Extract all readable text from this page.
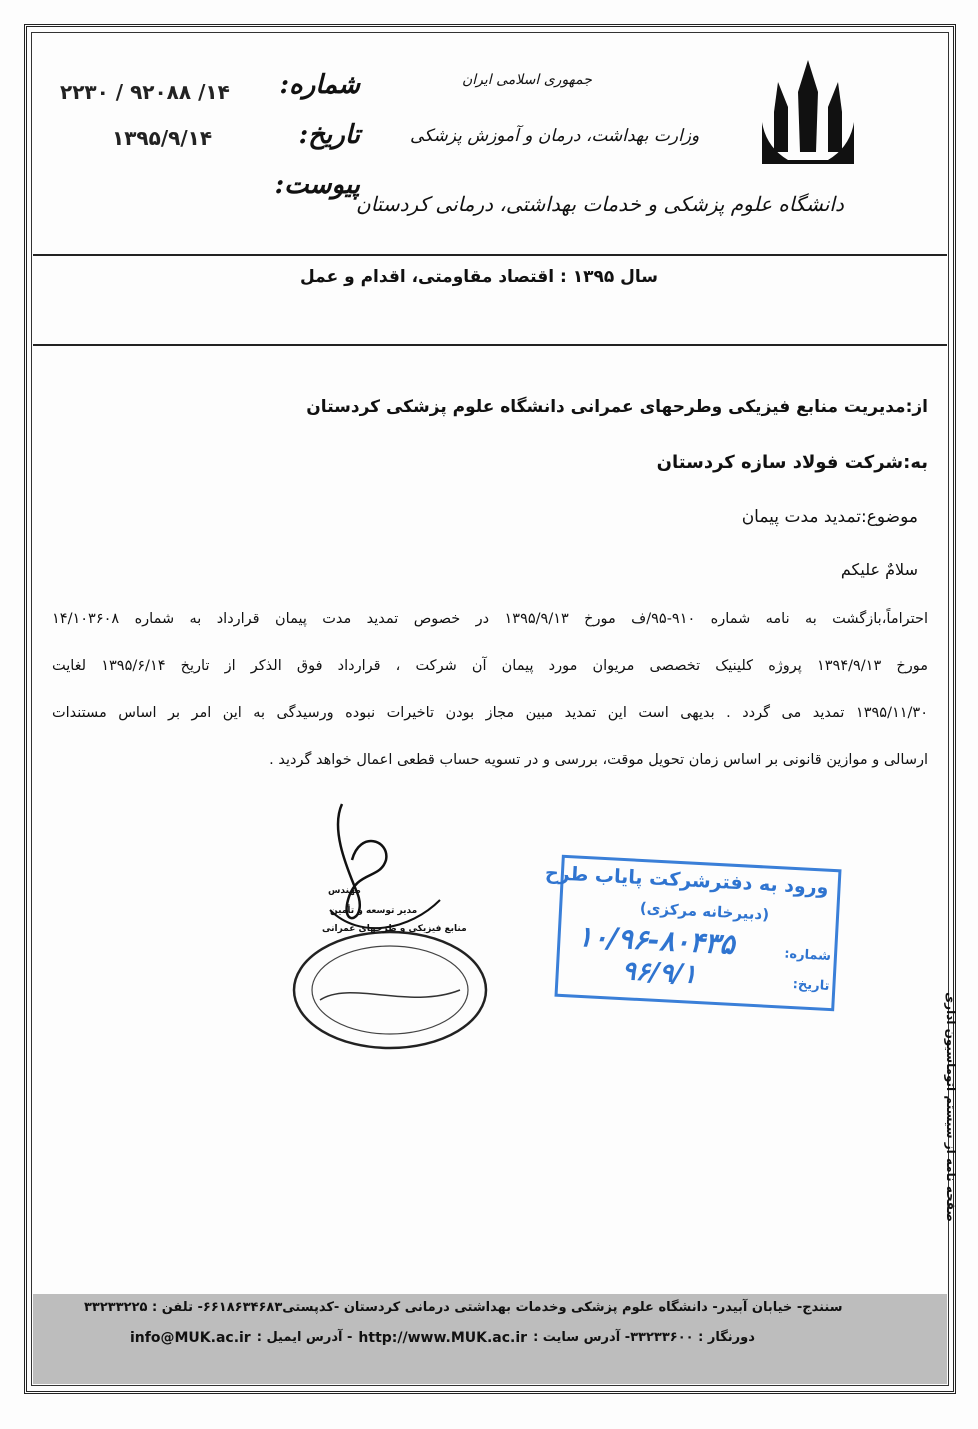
شماره:
تاریخ:
پیوست:
۱۴/ ۹۲۰۸۸ / ۲۲۳۰
۱۳۹۵/۹/۱۴
جمهوری اسلامی ایران
وزارت بهداشت، درمان و آموزش پزشکی
دانشگاه علوم پزشکی و خدمات بهداشتی، درمانی کردستان
سال ۱۳۹۵ : اقتصاد مقاومتی، اقدام و عمل
از:مدیریت منابع فیزیکی وطرحهای عمرانی دانشگاه علوم پزشکی کردستان
به:شرکت فولاد سازه کردستان
موضوع:تمدید مدت پیمان
سلامٌ علیکم
احتراماً،بازگشت به نامه شماره ۹۱۰-۹۵/ف مورخ ۱۳۹۵/۹/۱۳ در خصوص تمدید مدت پیمان قرارداد به شماره ۱۴/۱۰۳۶۰۸
مورخ ۱۳۹۴/۹/۱۳ پروژه کلینیک تخصصی مریوان مورد پیمان آن شرکت ، قرارداد فوق الذکر از تاریخ ۱۳۹۵/۶/۱۴ لغایت
۱۳۹۵/۱۱/۳۰ تمدید می گردد . بدیهی است این تمدید مبین مجاز بودن تاخیرات نبوده ورسیدگی به این امر بر اساس مستندات
ارسالی و موازین قانونی بر اساس زمان تحویل موقت، بررسی و در تسویه حساب قطعی اعمال خواهد گردید .
مهندس
مدیر توسعه و تأمین
منابع فیزیکی و طرحهای عمرانی
ورود به دفترشرکت پایاب طرح
(دبیرخانه مرکزی)
شماره:
۱۰/۹۶-۸۰۴۳۵
تاریخ:
۹۶/۹/۱
صفحه نامه از سیستم اتوماسیون اداری
سنندج- خیابان آبیدر- دانشگاه علوم پزشکی وخدمات بهداشتی درمانی کردستان -کدپستی۶۶۱۸۶۳۴۶۸۳- تلفن : ۳۳۲۳۳۲۲۵
info@MUK.ac.ir - آدرس ایمیل : http://www.MUK.ac.ir دورنگار : ۳۳۲۳۳۶۰۰- آدرس سایت :
